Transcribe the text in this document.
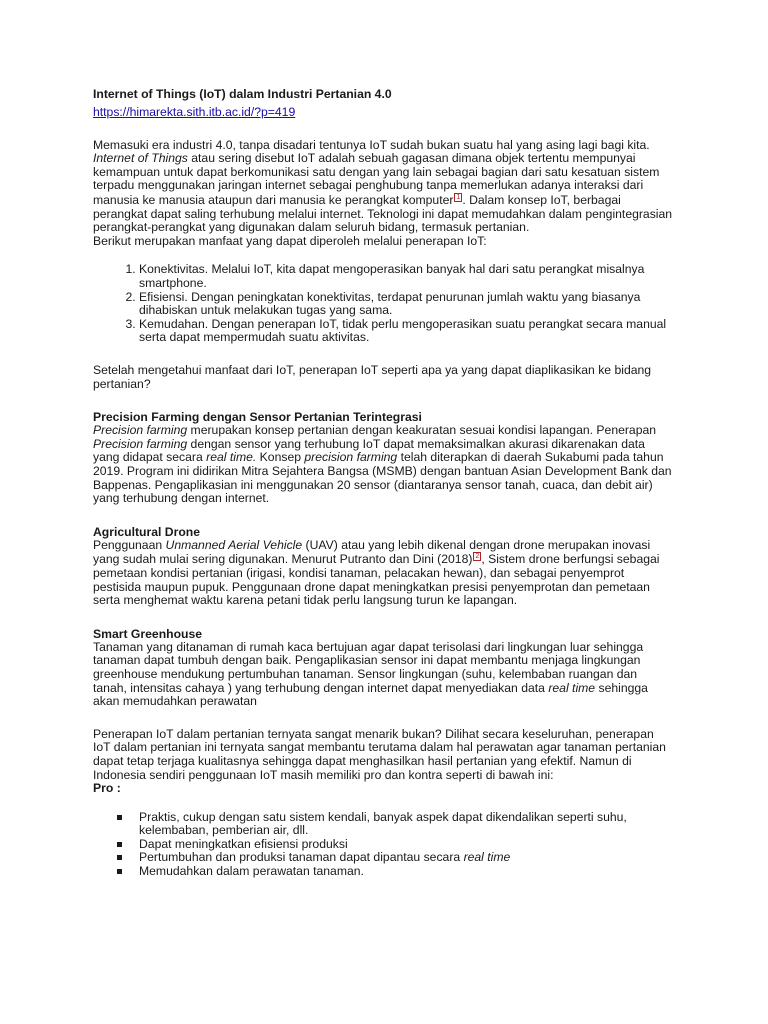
Internet of Things (IoT) dalam Industri Pertanian 4.0
https://himarekta.sith.itb.ac.id/?p=419

Memasuki era industri 4.0, tanpa disadari tentunya IoT sudah bukan suatu hal yang asing lagi bagi kita. Internet of Things atau sering disebut IoT adalah sebuah gagasan dimana objek tertentu mempunyai kemampuan untuk dapat berkomunikasi satu dengan yang lain sebagai bagian dari satu kesatuan sistem terpadu menggunakan jaringan internet sebagai penghubung tanpa memerlukan adanya interaksi dari manusia ke manusia ataupun dari manusia ke perangkat komputer 1 . Dalam konsep IoT, berbagai perangkat dapat saling terhubung melalui internet. Teknologi ini dapat memudahkan dalam pengintegrasian perangkat-perangkat yang digunakan dalam seluruh bidang, termasuk pertanian.

Berikut merupakan manfaat yang dapat diperoleh melalui penerapan IoT:

1. Konektivitas. Melalui IoT, kita dapat mengoperasikan banyak hal dari satu perangkat misalnya smartphone.
2. Efisiensi. Dengan peningkatan konektivitas, terdapat penurunan jumlah waktu yang biasanya dihabiskan untuk melakukan tugas yang sama.
3. Kemudahan. Dengan penerapan IoT, tidak perlu mengoperasikan suatu perangkat secara manual serta dapat mempermudah suatu aktivitas.

Setelah mengetahui manfaat dari IoT, penerapan IoT seperti apa ya yang dapat diaplikasikan ke bidang pertanian?

Precision Farming dengan Sensor Pertanian Terintegrasi

Precision farming merupakan konsep pertanian dengan keakuratan sesuai kondisi lapangan. Penerapan Precision farming dengan sensor yang terhubung IoT dapat memaksimalkan akurasi dikarenakan data yang didapat secara real time. Konsep precision farming telah diterapkan di daerah Sukabumi pada tahun 2019. Program ini didirikan Mitra Sejahtera Bangsa (MSMB) dengan bantuan Asian Development Bank dan Bappenas. Pengaplikasian ini menggunakan 20 sensor (diantaranya sensor tanah, cuaca, dan debit air) yang terhubung dengan internet.

Agricultural Drone

Penggunaan Unmanned Aerial Vehicle (UAV) atau yang lebih dikenal dengan drone merupakan inovasi yang sudah mulai sering digunakan. Menurut Putranto dan Dini (2018) 2 , Sistem drone berfungsi sebagai pemetaan kondisi pertanian (irigasi, kondisi tanaman, pelacakan hewan), dan sebagai penyemprot pestisida maupun pupuk. Penggunaan drone dapat meningkatkan presisi penyemprotan dan pemetaan serta menghemat waktu karena petani tidak perlu langsung turun ke lapangan.

Smart Greenhouse

Tanaman yang ditanaman di rumah kaca bertujuan agar dapat terisolasi dari lingkungan luar sehingga tanaman dapat tumbuh dengan baik. Pengaplikasian sensor ini dapat membantu menjaga lingkungan greenhouse mendukung pertumbuhan tanaman. Sensor lingkungan (suhu, kelembaban ruangan dan tanah, intensitas cahaya ) yang terhubung dengan internet dapat menyediakan data real time sehingga akan memudahkan perawatan

Penerapan IoT dalam pertanian ternyata sangat menarik bukan? Dilihat secara keseluruhan, penerapan IoT dalam pertanian ini ternyata sangat membantu terutama dalam hal perawatan agar tanaman pertanian dapat tetap terjaga kualitasnya sehingga dapat menghasilkan hasil pertanian yang efektif. Namun di Indonesia sendiri penggunaan IoT masih memiliki pro dan kontra seperti di bawah ini:

Pro :

Praktis, cukup dengan satu sistem kendali, banyak aspek dapat dikendalikan seperti suhu, kelembaban, pemberian air, dll.
Dapat meningkatkan efisiensi produksi
Pertumbuhan dan produksi tanaman dapat dipantau secara real time
Memudahkan dalam perawatan tanaman.
